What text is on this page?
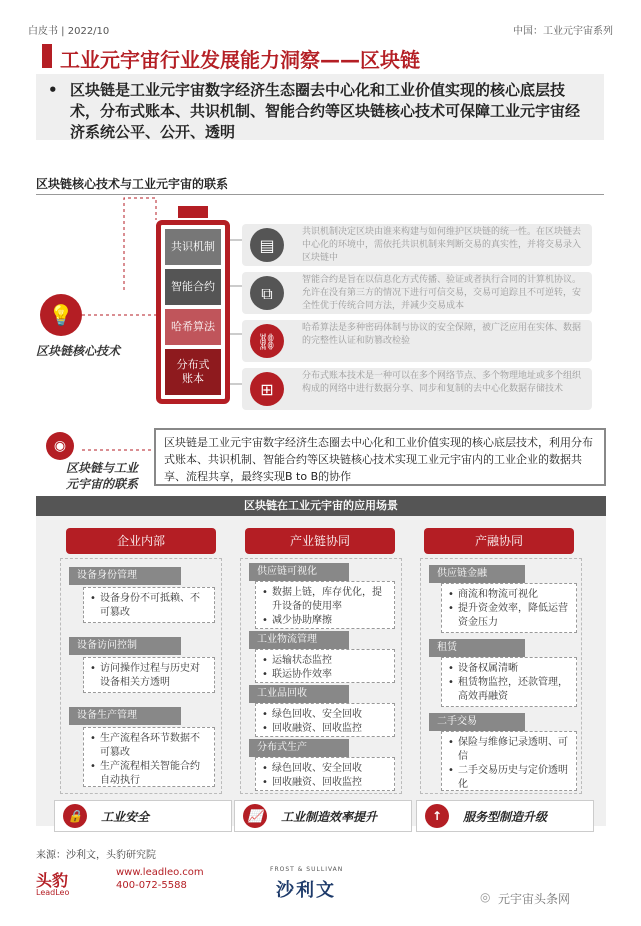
白皮书 | 2022/10	中国：工业元宇宙系列
工业元宇宙行业发展能力洞察——区块链
• 区块链是工业元宇宙数字经济生态圈去中心化和工业价值实现的核心底层技术，分布式账本、共识机制、智能合约等区块链核心技术可保障工业元宇宙经济系统公平、公开、透明
区块链核心技术与工业元宇宙的联系
共识机制
智能合约
哈希算法
分布式
账本
▤
共识机制决定区块由谁来构建与如何维护区块链的统一性。在区块链去中心化的环境中，需依托共识机制来判断交易的真实性，并将交易录入区块链中
⧉
智能合约是旨在以信息化方式传播、验证或者执行合同的计算机协议。允许在没有第三方的情况下进行可信交易，交易可追踪且不可逆转，安全性优于传统合同方法，并减少交易成本
⛓
哈希算法是多种密码体制与协议的安全保障，被广泛应用在实体、数据的完整性认证和防篡改检验
⊞
分布式账本技术是一种可以在多个网络节点、多个物理地址或多个组织构成的网络中进行数据分享、同步和复制的去中心化数据存储技术
💡
区块链核心技术
◉
区块链与工业
元宇宙的联系
区块链是工业元宇宙数字经济生态圈去中心化和工业价值实现的核心底层技术，利用分布式账本、共识机制、智能合约等区块链核心技术实现工业元宇宙内的工业企业的数据共享、流程共享，最终实现B to B的协作
区块链在工业元宇宙的应用场景
企业内部
设备身份管理
• 设备身份不可抵赖、不可篡改
设备访问控制
• 访问操作过程与历史对设备相关方透明
设备生产管理
• 生产流程各环节数据不可篡改
• 生产流程相关智能合约自动执行
产业链协同
供应链可视化
• 数据上链，库存优化，提升设备的使用率
• 减少协助摩擦
工业物流管理
• 运输状态监控
• 联运协作效率
工业品回收
• 绿色回收、安全回收
• 回收融资、回收监控
分布式生产
• 绿色回收、安全回收
• 回收融资、回收监控
产融协同
供应链金融
• 商流和物流可视化
• 提升资金效率，降低运营资金压力
租赁
• 设备权属清晰
• 租赁物监控，还款管理，高效再融资
二手交易
• 保险与维修记录透明、可信
• 二手交易历史与定价透明化
🔒	工业安全	📈	工业制造效率提升	↑	服务型制造升级
来源：沙利文，头豹研究院
头豹
LeadLeo
www.leadleo.com
400-072-5588
FROST & SULLIVAN
沙利文	◎ 元宇宙头条网
